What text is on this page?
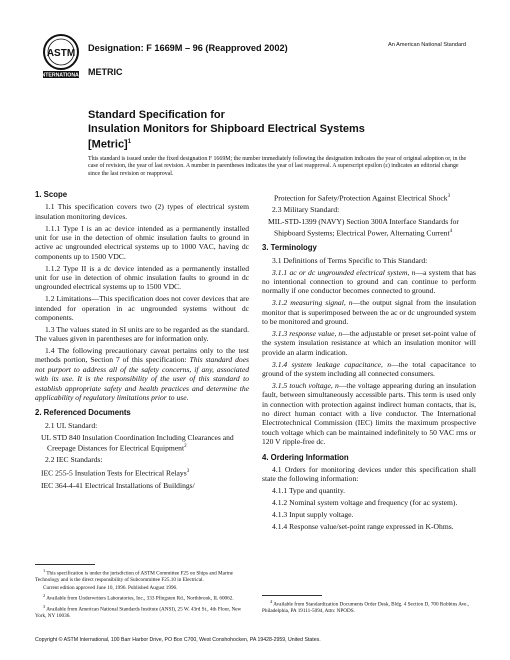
ASTM
INTERNATIONAL
Designation: F 1669M – 96 (Reapproved 2002)	An American National Standard
METRIC
Standard Specification for
Insulation Monitors for Shipboard Electrical Systems
[Metric]$^1$
This standard is issued under the fixed designation F 1669M; the number immediately following the designation indicates the year of original adoption or, in the case of revision, the year of last revision. A number in parentheses indicates the year of last reapproval. A superscript epsilon (ε) indicates an editorial change since the last revision or reapproval.
1. Scope

1.1 This specification covers two (2) types of electrical system insulation monitoring devices.

1.1.1 Type I is an ac device intended as a permanently installed unit for use in the detection of ohmic insulation faults to ground in active ac ungrounded electrical systems up to 1000 VAC, having dc components up to 1500 VDC.

1.1.2 Type II is a dc device intended as a permanently installed unit for use in detection of ohmic insulation faults to ground in dc ungrounded electrical systems up to 1500 VDC.

1.2 Limitations—This specification does not cover devices that are intended for operation in ac ungrounded systems without dc components.

1.3 The values stated in SI units are to be regarded as the standard. The values given in parentheses are for information only.

1.4 The following precautionary caveat pertains only to the test methods portion, Section 7 of this specification: This standard does not purport to address all of the safety concerns, if any, associated with its use. It is the responsibility of the user of this standard to establish appropriate safety and health practices and determine the applicability of regulatory limitations prior to use.

2. Referenced Documents

2.1 UL Standard:

UL STD 840 Insulation Coordination Including Clearances and Creepage Distances for Electrical Equipment$^2$

2.2 IEC Standards:

IEC 255-5 Insulation Tests for Electrical Relays$^3$

IEC 364-4-41 Electrical Installations of Buildings/

Protection for Safety/Protection Against Electrical Shock$^3$

2.3 Military Standard:

MIL-STD-1399 (NAVY) Section 300A Interface Standards for Shipboard Systems; Electrical Power, Alternating Current$^4$

3. Terminology

3.1 Definitions of Terms Specific to This Standard:

3.1.1 ac or dc ungrounded electrical system, n—a system that has no intentional connection to ground and can continue to perform normally if one conductor becomes connected to ground.

3.1.2 measuring signal, n—the output signal from the insulation monitor that is superimposed between the ac or dc ungrounded system to be monitored and ground.

3.1.3 response value, n—the adjustable or preset set-point value of the system insulation resistance at which an insulation monitor will provide an alarm indication.

3.1.4 system leakage capacitance, n—the total capacitance to ground of the system including all connected consumers.

3.1.5 touch voltage, n—the voltage appearing during an insulation fault, between simultaneously accessible parts. This term is used only in connection with protection against indirect human contacts, that is, no direct human contact with a live conductor. The International Electrotechnical Commission (IEC) limits the maximum prospective touch voltage which can be maintained indefinitely to 50 VAC rms or 120 V ripple-free dc.

4. Ordering Information

4.1 Orders for monitoring devices under this specification shall state the following information:

4.1.1 Type and quantity.

4.1.2 Nominal system voltage and frequency (for ac system).

4.1.3 Input supply voltage.

4.1.4 Response value/set-point range expressed in K-Ohms.

$^1$ This specification is under the jurisdiction of ASTM Committee F25 on Ships and Marine Technology and is the direct responsibility of Subcommittee F25.10 in Electrical.

Current edition approved June 10, 1996. Published August 1996.

$^2$ Available from Underwriters Laboratories, Inc., 333 Pfingsten Rd., Northbrook, IL 60062.

$^3$ Available from American National Standards Institute (ANSI), 25 W. 43rd St., 4th Floor, New York, NY 10036.

$^4$ Available from Standardization Documents Order Desk, Bldg. 4 Section D, 700 Robbins Ave., Philadelphia, PA 19111-5094, Attn: NPODS.

Copyright © ASTM International, 100 Barr Harbor Drive, PO Box C700, West Conshohocken, PA 19428-2959, United States.
